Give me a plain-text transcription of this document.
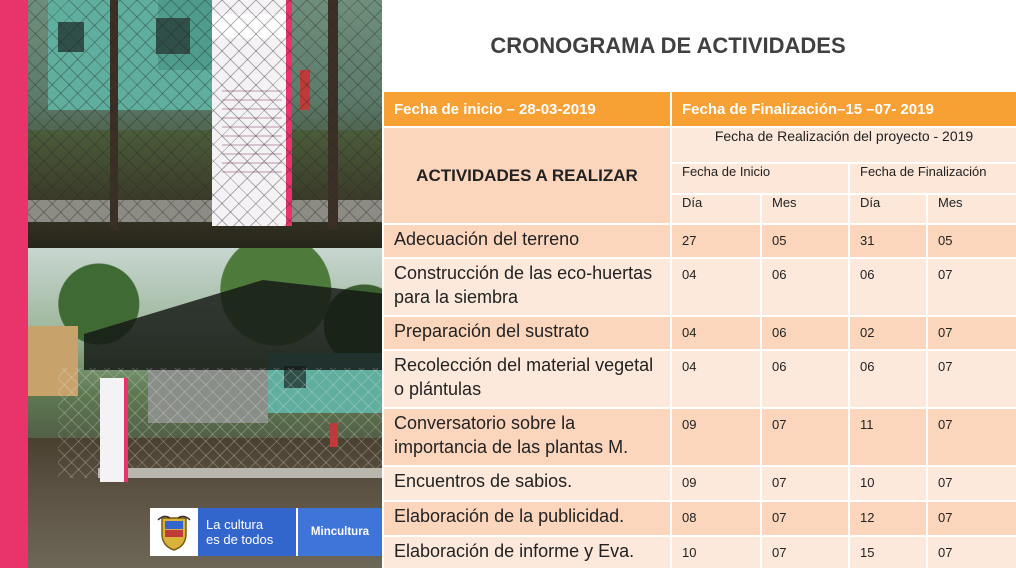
La cultura
es de todos	Mincultura
CRONOGRAMA DE ACTIVIDADES
Fecha de inicio – 28-03-2019	Fecha de Finalización–15 –07- 2019			
ACTIVIDADES A REALIZAR	Fecha de Realización del proyecto - 2019			
	Fecha de Inicio		Fecha de Finalización	
	Día	Mes	Día	Mes
Adecuación del terreno	27	05	31	05
Construcción de las eco-huertas para la siembra	04	06	06	07
Preparación del sustrato	04	06	02	07
Recolección del material vegetal o plántulas	04	06	06	07
Conversatorio sobre la importancia de las plantas M.	09	07	11	07
Encuentros de sabios.	09	07	10	07
Elaboración de la publicidad.	08	07	12	07
Elaboración de informe y Eva.	10	07	15	07
